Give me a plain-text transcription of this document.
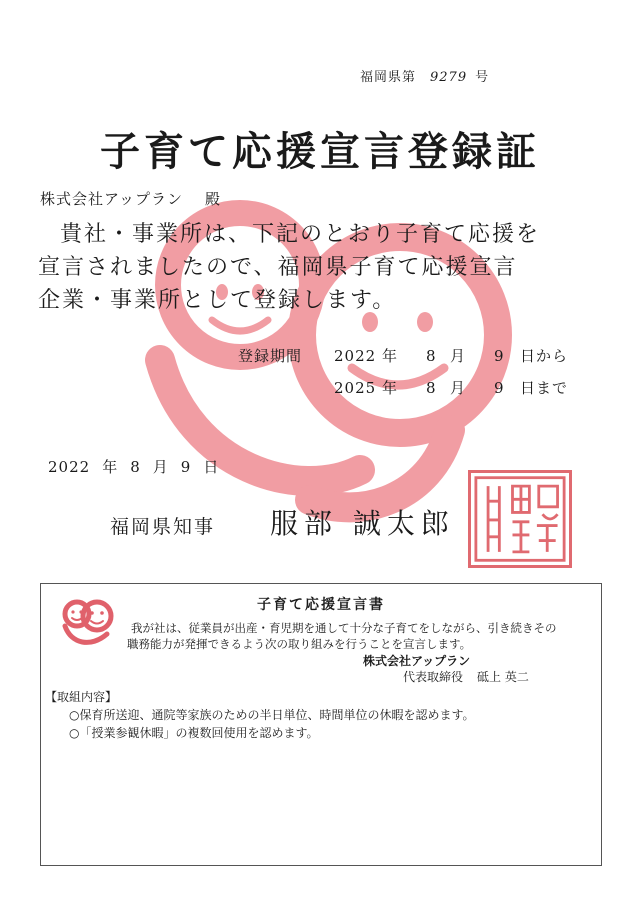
福岡県第 9279 号
子育て応援宣言登録証
株式会社アップラン 殿
貴社・事業所は、下記のとおり子育て応援を
宣言されましたので、福岡県子育て応援宣言
企業・事業所として登録します。
登録期間 2022 年 8 月 9 日から
2025 年 8 月 9 日まで
2022 年 8 月 9 日
福岡県知事 服部 誠太郎
子育て応援宣言書
我が社は、従業員が出産・育児期を通して十分な子育てをしながら、引き続きその
職務能力が発揮できるよう次の取り組みを行うことを宣言します。
株式会社アップラン
代表取締役 砥上 英二
【取組内容】
○保育所送迎、通院等家族のための半日単位、時間単位の休暇を認めます。
○「授業参観休暇」の複数回使用を認めます。
